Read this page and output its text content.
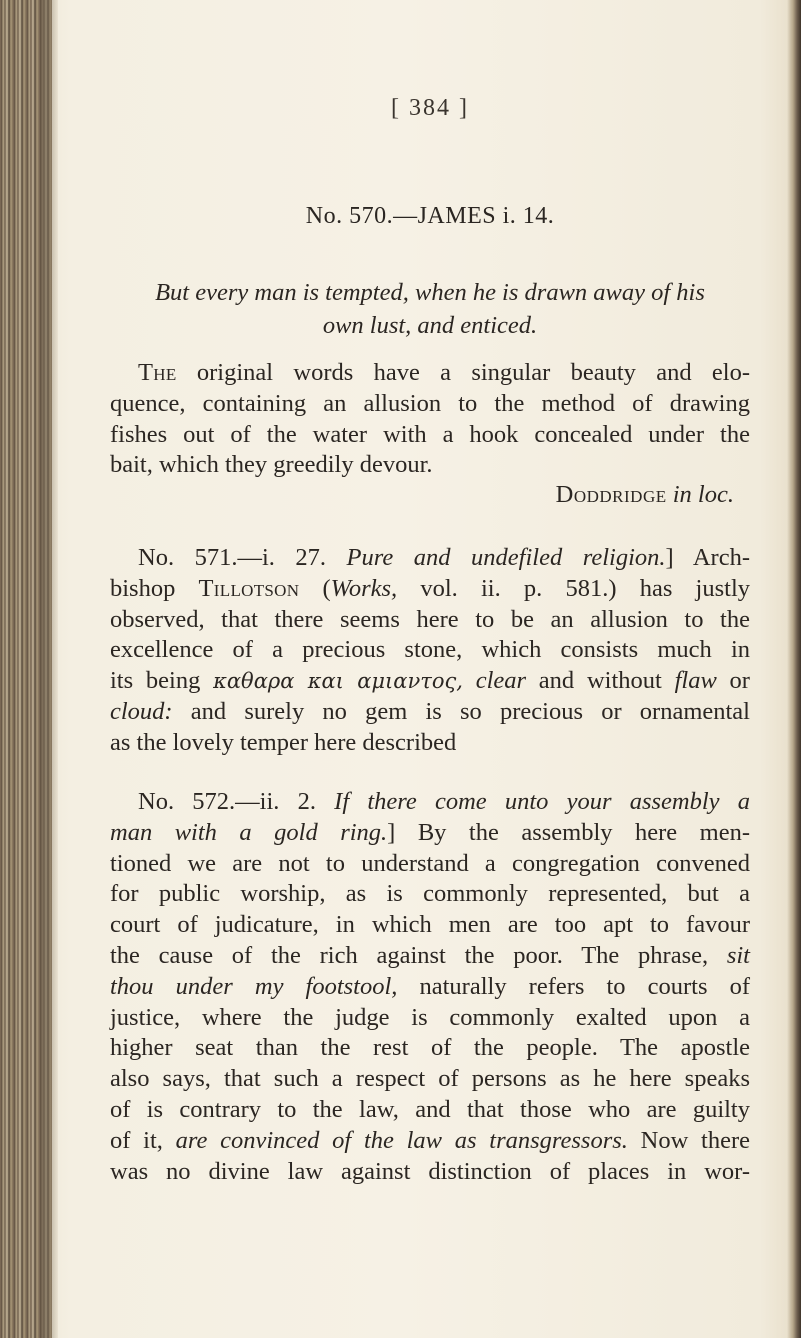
[ 384 ]
No. 570.—JAMES i. 14.
But every man is tempted, when he is drawn away of his
own lust, and enticed.
The original words have a singular beauty and elo-
quence, containing an allusion to the method of drawing
fishes out of the water with a hook concealed under the
bait, which they greedily devour.
Doddridge in loc.
No. 571.—i. 27. Pure and undefiled religion.] Arch-
bishop Tillotson (Works, vol. ii. p. 581.) has justly
observed, that there seems here to be an allusion to the
excellence of a precious stone, which consists much in
its being καθαρα και αμιαντος, clear and without flaw or
cloud: and surely no gem is so precious or ornamental
as the lovely temper here described
No. 572.—ii. 2. If there come unto your assembly a
man with a gold ring.] By the assembly here men-
tioned we are not to understand a congregation convened
for public worship, as is commonly represented, but a
court of judicature, in which men are too apt to favour
the cause of the rich against the poor. The phrase, sit
thou under my footstool, naturally refers to courts of
justice, where the judge is commonly exalted upon a
higher seat than the rest of the people. The apostle
also says, that such a respect of persons as he here speaks
of is contrary to the law, and that those who are guilty
of it, are convinced of the law as transgressors. Now there
was no divine law against distinction of places in wor-
